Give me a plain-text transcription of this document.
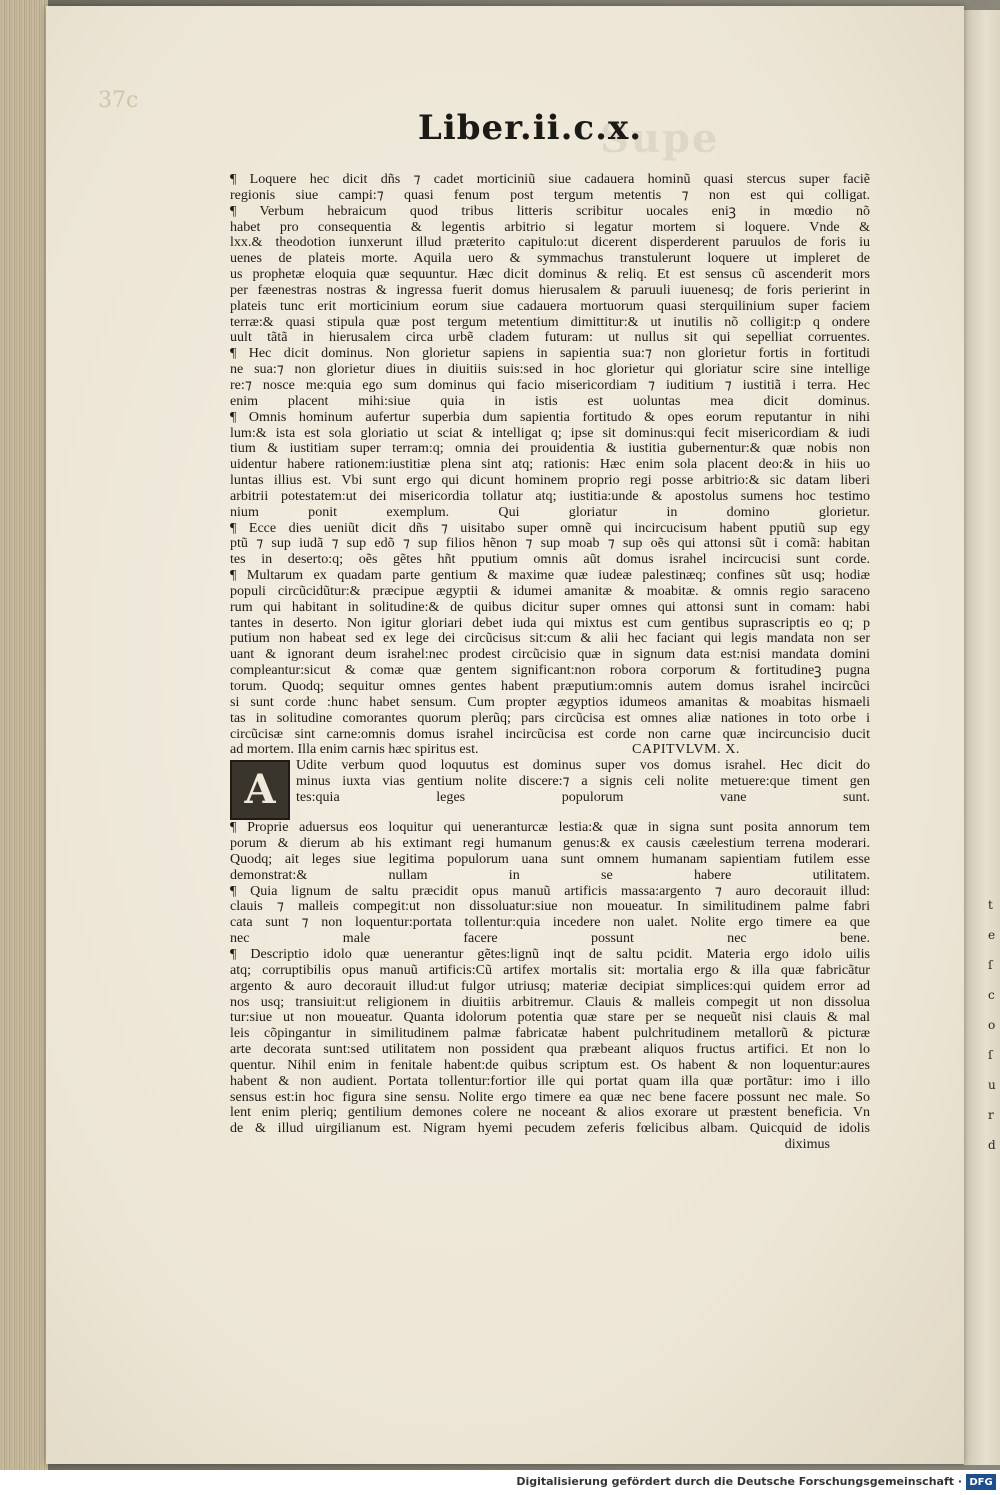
37c
Supe
Liber.ii.c.x.
¶ Loquere hec dicit dñs ⁊ cadet morticiniũ siue cadauera hominũ quasi stercus super faciẽ
regionis siue campi:⁊ quasi fenum post tergum metentis ⁊ non est qui colligat.
¶ Verbum hebraicum quod tribus litteris scribitur uocales eniꝫ in mœdio nõ
habet pro consequentia & legentis arbitrio si legatur mortem si loquere. Vnde &
lxx.& theodotion iunxerunt illud præterito capitulo:ut dicerent disperderent paruulos de foris iu
uenes de plateis morte. Aquila uero & symmachus transtulerunt loquere ut impleret de
us prophetæ eloquia quæ sequuntur. Hæc dicit dominus & reliq. Et est sensus cũ ascenderit mors
per fæenestras nostras & ingressa fuerit domus hierusalem & paruuli iuuenesq; de foris perierint in
plateis tunc erit morticinium eorum siue cadauera mortuorum quasi sterquilinium super faciem
terræ:& quasi stipula quæ post tergum metentium dimittitur:& ut inutilis nõ colligit:p q ondere
uult tãtã in hierusalem circa urbẽ cladem futuram: ut nullus sit qui sepelliat corruentes.
¶ Hec dicit dominus. Non glorietur sapiens in sapientia sua:⁊ non glorietur fortis in fortitudi
ne sua:⁊ non glorietur diues in diuitiis suis:sed in hoc glorietur qui gloriatur scire sine intellige
re:⁊ nosce me:quia ego sum dominus qui facio misericordiam ⁊ iuditium ⁊ iustitiã i terra. Hec
enim placent mihi:siue quia in istis est uoluntas mea dicit dominus.
¶ Omnis hominum aufertur superbia dum sapientia fortitudo & opes eorum reputantur in nihi
lum:& ista est sola gloriatio ut sciat & intelligat q; ipse sit dominus:qui fecit misericordiam & iudi
tium & iustitiam super terram:q; omnia dei prouidentia & iustitia gubernentur:& quæ nobis non
uidentur habere rationem:iustitiæ plena sint atq; rationis: Hæc enim sola placent deo:& in hiis uo
luntas illius est. Vbi sunt ergo qui dicunt hominem proprio regi posse arbitrio:& sic datam liberi
arbitrii potestatem:ut dei misericordia tollatur atq; iustitia:unde & apostolus sumens hoc testimo
nium ponit exemplum. Qui gloriatur in domino glorietur.
¶ Ecce dies ueniũt dicit dñs ⁊ uisitabo super omnẽ qui incircucisum habent pputiũ sup egy
ptũ ⁊ sup iudã ⁊ sup edõ ⁊ sup filios hẽnon ⁊ sup moab ⁊ sup oẽs qui attonsi sũt i comã: habitan
tes in deserto:q; oẽs gẽtes hñt pputium omnis aũt domus israhel incircucisi sunt corde.
¶ Multarum ex quadam parte gentium & maxime quæ iudeæ palestinæq; confines sũt usq; hodiæ
populi circũcidũtur:& præcipue ægyptii & idumei amanitæ & moabitæ. & omnis regio saraceno
rum qui habitant in solitudine:& de quibus dicitur super omnes qui attonsi sunt in comam: habi
tantes in deserto. Non igitur gloriari debet iuda qui mixtus est cum gentibus suprascriptis eo q; p
putium non habeat sed ex lege dei circũcisus sit:cum & alii hec faciant qui legis mandata non ser
uant & ignorant deum israhel:nec prodest circũcisio quæ in signum data est:nisi mandata domini
compleantur:sicut & comæ quæ gentem significant:non robora corporum & fortitudineꝫ pugna
torum. Quodq; sequitur omnes gentes habent præputium:omnis autem domus israhel incircũci
si sunt corde :hunc habet sensum. Cum propter ægyptios idumeos amanitas & moabitas hismaeli
tas in solitudine comorantes quorum plerũq; pars circũcisa est omnes aliæ nationes in toto orbe i
circũcisæ sint carne:omnis domus israhel incircũcisa est corde non carne quæ incircuncisio ducit
ad mortem. Illa enim carnis hæc spiritus est.	CAPITVLVM. X.
A
Udite verbum quod loquutus est dominus super vos domus israhel. Hec dicit do
minus iuxta vias gentium nolite discere:⁊ a signis celi nolite metuere:que timent gen
tes:quia leges populorum vane sunt.
¶ Proprie aduersus eos loquitur qui ueneranturcæ lestia:& quæ in signa sunt posita annorum tem
porum & dierum ab his extimant regi humanum genus:& ex causis cæelestium terrena moderari.
Quodq; ait leges siue legitima populorum uana sunt omnem humanam sapientiam futilem esse
demonstrat:& nullam in se habere utilitatem.
¶ Quia lignum de saltu præcidit opus manuũ artificis massa:argento ⁊ auro decorauit illud:
clauis ⁊ malleis compegit:ut non dissoluatur:siue non moueatur. In similitudinem palme fabri
cata sunt ⁊ non loquentur:portata tollentur:quia incedere non ualet. Nolite ergo timere ea que
nec male facere possunt nec bene.
¶ Descriptio idolo quæ uenerantur gẽtes:lignũ inqt de saltu pcidit. Materia ergo idolo uilis
atq; corruptibilis opus manuũ artificis:Cũ artifex mortalis sit: mortalia ergo & illa quæ fabricãtur
argento & auro decorauit illud:ut fulgor utriusq; materiæ decipiat simplices:qui quidem error ad
nos usq; transiuit:ut religionem in diuitiis arbitremur. Clauis & malleis compegit ut non dissolua
tur:siue ut non moueatur. Quanta idolorum potentia quæ stare per se nequeũt nisi clauis & mal
leis cõpingantur in similitudinem palmæ fabricatæ habent pulchritudinem metallorũ & picturæ
arte decorata sunt:sed utilitatem non possident qua præbeant aliquos fructus artifici. Et non lo
quentur. Nihil enim in fenitale habent:de quibus scriptum est. Os habent & non loquentur:aures
habent & non audient. Portata tollentur:fortior ille qui portat quam illa quæ portãtur: imo i illo
sensus est:in hoc figura sine sensu. Nolite ergo timere ea quæ nec bene facere possunt nec male. So
lent enim pleriq; gentilium demones colere ne noceant & alios exorare ut præstent beneficia. Vn
de & illud uirgilianum est. Nigram hyemi pecudem zeferis fœlicibus albam. Quicquid de idolis
diximus
t
e
ſ
c
o
ſ
u
r
d
Digitalisierung gefördert durch die Deutsche Forschungsgemeinschaft · DFG
